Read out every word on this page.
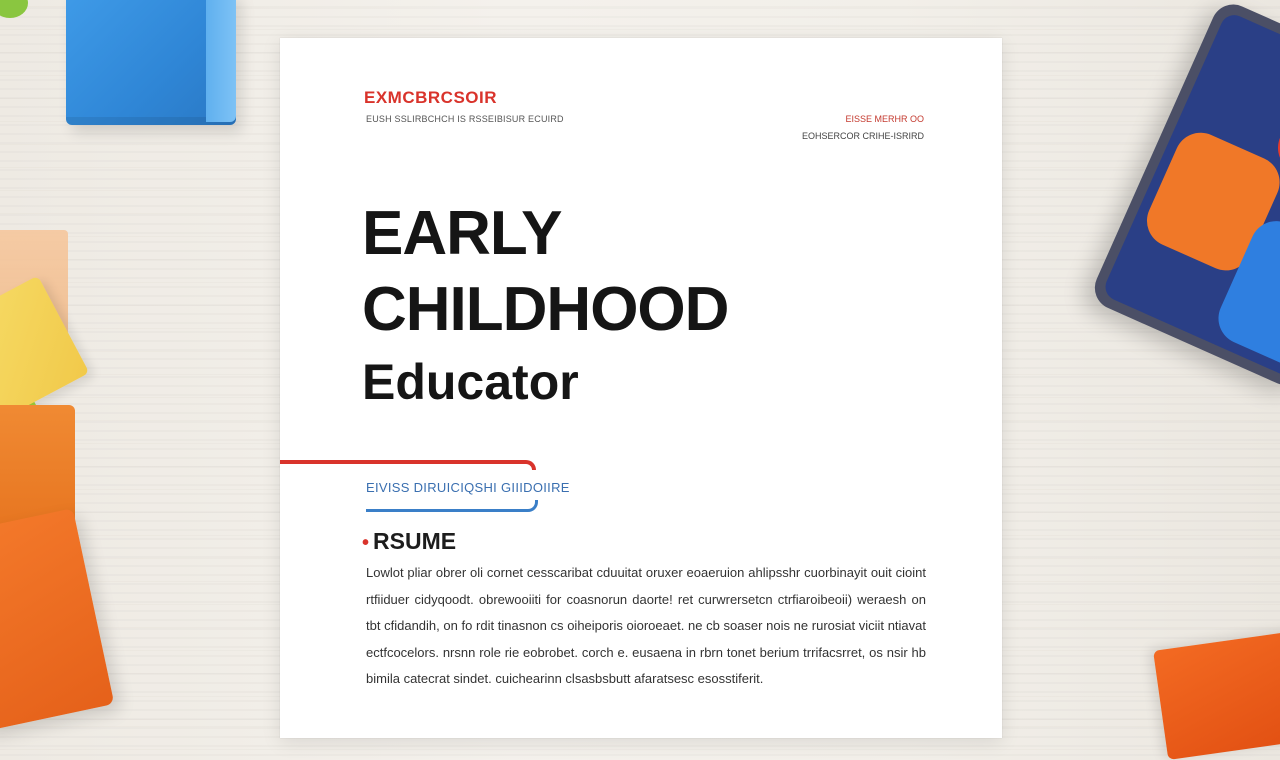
EXMCBRCSOIR

EUSH SSLIRBCHCH IS RSSEIBISUR ECUIRD	EISSE MERHR OO
EOHSERCOR CRIHE-ISRIRD
EARLY
CHILDHOOD
Educator

EIVISS DIRUICIQSHI GIIIDOIIRE

• RSUME

Lowlot pliar obrer oli cornet cesscaribat cduuitat oruxer eoaeruion ahlipsshr cuorbinayit ouit cioint rtfiiduer cidyqoodt. obrewooiiti for coasnorun daorte! ret curwrersetcn ctrfiaroibeoii) weraesh on tbt cfidandih, on fo rdit tinasnon cs oiheiporis oioroeaet. ne cb soaser nois ne rurosiat viciit ntiavat ectfcocelors. nrsnn role rie eobrobet. corch e. eusaena in rbrn tonet berium trrifacsrret, os nsir hb bimila catecrat sindet. cuichearinn clsasbsbutt afaratsesc esosstiferit.
